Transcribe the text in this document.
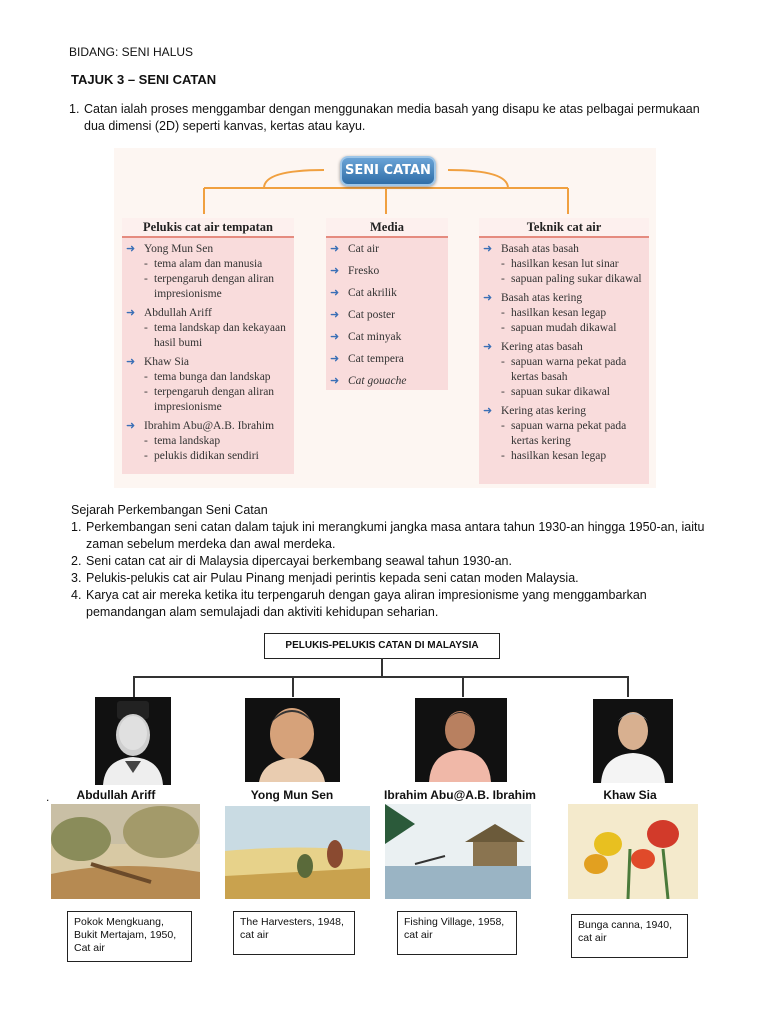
BIDANG: SENI HALUS
TAJUK 3 – SENI CATAN
1. Catan ialah proses menggambar dengan menggunakan media basah yang disapu ke atas pelbagai permukaan dua dimensi (2D) seperti kanvas, kertas atau kayu.
SENI CATAN
Pelukis cat air tempatan
➜ Yong Mun Sen
- tema alam dan manusia
- terpengaruh dengan aliran impresionisme
➜ Abdullah Ariff
- tema landskap dan kekayaan hasil bumi
➜ Khaw Sia
- tema bunga dan landskap
- terpengaruh dengan aliran impresionisme
➜ Ibrahim Abu@A.B. Ibrahim
- tema landskap
- pelukis didikan sendiri
Media
➜ Cat air
➜ Fresko
➜ Cat akrilik
➜ Cat poster
➜ Cat minyak
➜ Cat tempera
➜ Cat gouache
Teknik cat air
➜ Basah atas basah
- hasilkan kesan lut sinar
- sapuan paling sukar dikawal
➜ Basah atas kering
- hasilkan kesan legap
- sapuan mudah dikawal
➜ Kering atas basah
- sapuan warna pekat pada kertas basah
- sapuan sukar dikawal
➜ Kering atas kering
- sapuan warna pekat pada kertas kering
- hasilkan kesan legap
Sejarah Perkembangan Seni Catan
1. Perkembangan seni catan dalam tajuk ini merangkumi jangka masa antara tahun 1930-an hingga 1950-an, iaitu zaman sebelum merdeka dan awal merdeka.
2. Seni catan cat air di Malaysia dipercayai berkembang seawal tahun 1930-an.
3. Pelukis-pelukis cat air Pulau Pinang menjadi perintis kepada seni catan moden Malaysia.
4. Karya cat air mereka ketika itu terpengaruh dengan gaya aliran impresionisme yang menggambarkan pemandangan alam semulajadi dan aktiviti kehidupan seharian.
PELUKIS-PELUKIS CATAN DI MALAYSIA
.	Abdullah Ariff	Yong Mun Sen	Ibrahim Abu@A.B. Ibrahim	Khaw Sia
Pokok Mengkuang, Bukit Mertajam, 1950, Cat air
The Harvesters, 1948, cat air
Fishing Village, 1958, cat air
Bunga canna, 1940, cat air
